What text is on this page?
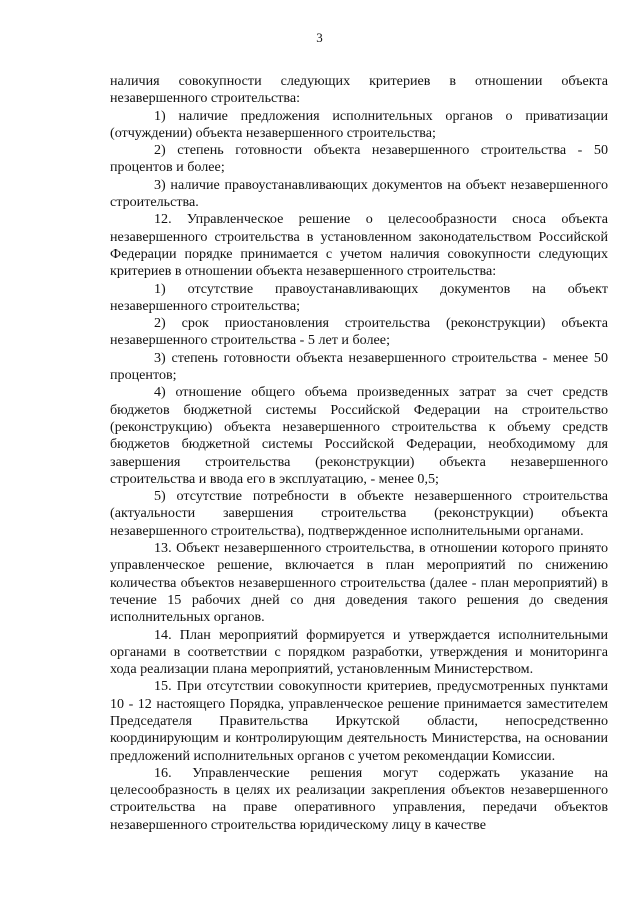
3

наличия совокупности следующих критериев в отношении объекта незавершенного строительства:

1) наличие предложения исполнительных органов о приватизации (отчуждении) объекта незавершенного строительства;

2) степень готовности объекта незавершенного строительства - 50 процентов и более;

3) наличие правоустанавливающих документов на объект незавершенного строительства.

12. Управленческое решение о целесообразности сноса объекта незавершенного строительства в установленном законодательством Российской Федерации порядке принимается с учетом наличия совокупности следующих критериев в отношении объекта незавершенного строительства:

1) отсутствие правоустанавливающих документов на объект незавершенного строительства;

2) срок приостановления строительства (реконструкции) объекта незавершенного строительства - 5 лет и более;

3) степень готовности объекта незавершенного строительства - менее 50 процентов;

4) отношение общего объема произведенных затрат за счет средств бюджетов бюджетной системы Российской Федерации на строительство (реконструкцию) объекта незавершенного строительства к объему средств бюджетов бюджетной системы Российской Федерации, необходимому для завершения строительства (реконструкции) объекта незавершенного строительства и ввода его в эксплуатацию, - менее 0,5;

5) отсутствие потребности в объекте незавершенного строительства (актуальности завершения строительства (реконструкции) объекта незавершенного строительства), подтвержденное исполнительными органами.

13. Объект незавершенного строительства, в отношении которого принято управленческое решение, включается в план мероприятий по снижению количества объектов незавершенного строительства (далее - план мероприятий) в течение 15 рабочих дней со дня доведения такого решения до сведения исполнительных органов.

14. План мероприятий формируется и утверждается исполнительными органами в соответствии с порядком разработки, утверждения и мониторинга хода реализации плана мероприятий, установленным Министерством.

15. При отсутствии совокупности критериев, предусмотренных пунктами 10 - 12 настоящего Порядка, управленческое решение принимается заместителем Председателя Правительства Иркутской области, непосредственно координирующим и контролирующим деятельность Министерства, на основании предложений исполнительных органов с учетом рекомендации Комиссии.

16. Управленческие решения могут содержать указание на целесообразность в целях их реализации закрепления объектов незавершенного строительства на праве оперативного управления, передачи объектов незавершенного строительства юридическому лицу в качестве
